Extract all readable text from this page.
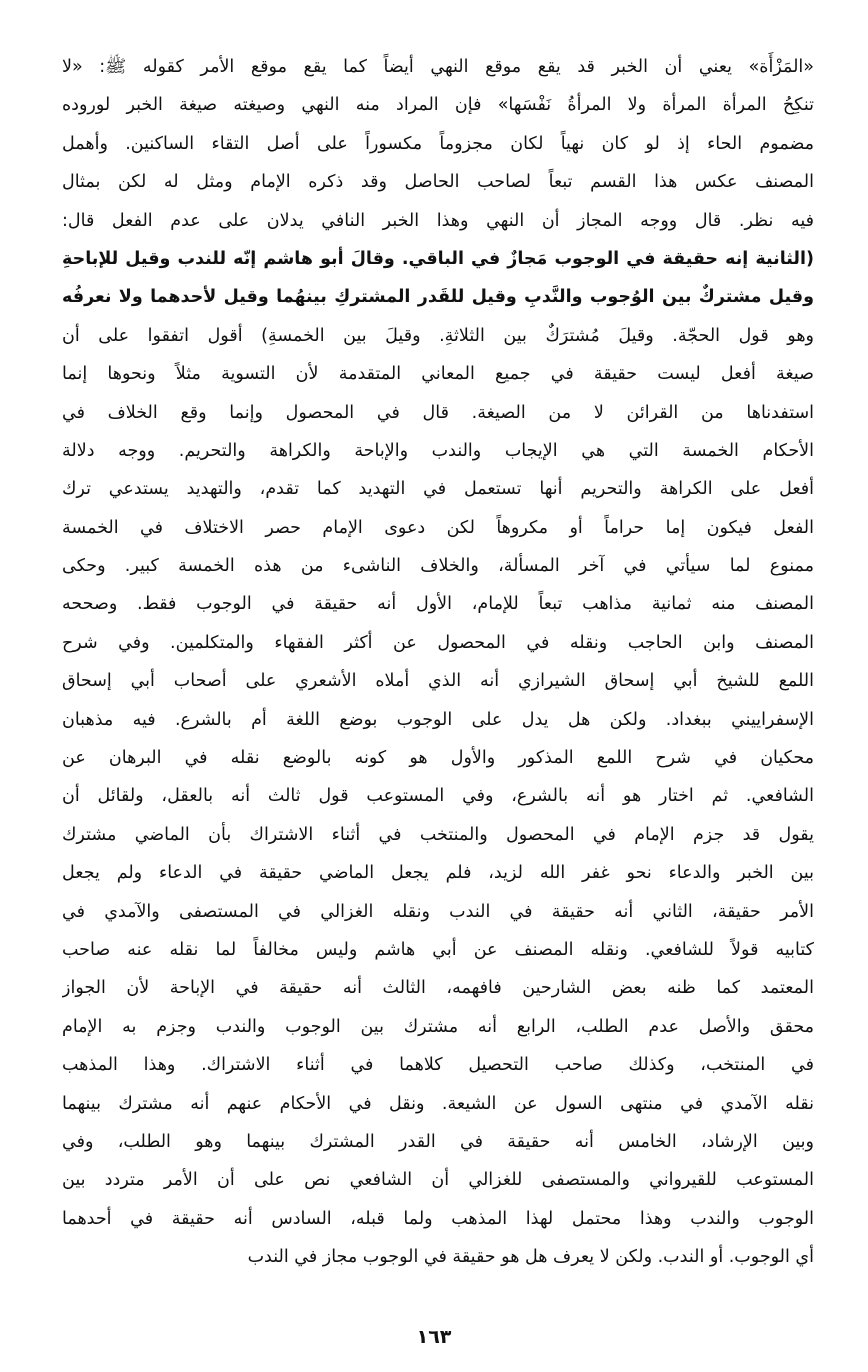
«المَزْأَة» يعني أن الخبر قد يقع موقع النهي أيضاً كما يقع موقع الأمر كقوله ﷺ: «لا
تنكِحُ المرأة المرأة ولا المرأةُ نَفْسَها» فإن المراد منه النهي وصيغته صيغة الخبر لوروده
مضموم الحاء إذ لو كان نهياً لكان مجزوماً مكسوراً على أصل التقاء الساكنين. وأهمل
المصنف عكس هذا القسم تبعاً لصاحب الحاصل وقد ذكره الإمام ومثل له لكن بمثال
فيه نظر. قال ووجه المجاز أن النهي وهذا الخبر النافي يدلان على عدم الفعل قال:
(الثانية إنه حقيقة في الوجوب مَجازٌ في الباقي. وقالَ أبو هاشم إنّه للندب وقيل للإباحةِ
وقيل مشتركٌ بين الوُجوب والنَّدبِ وقيل للقَدر المشتركِ بينهُما وقيل لأحدهما ولا نعرفُه
وهو قول الحجّة. وقيلَ مُشترَكٌ بين الثلاثةِ. وقيلَ بين الخمسةِ) أقول اتفقوا على أن
صيغة أفعل ليست حقيقة في جميع المعاني المتقدمة لأن التسوية مثلاً ونحوها إنما
استفدناها من القرائن لا من الصيغة. قال في المحصول وإنما وقع الخلاف في
الأحكام الخمسة التي هي الإيجاب والندب والإباحة والكراهة والتحريم. ووجه دلالة
أفعل على الكراهة والتحريم أنها تستعمل في التهديد كما تقدم، والتهديد يستدعي ترك
الفعل فيكون إما حراماً أو مكروهاً لكن دعوى الإمام حصر الاختلاف في الخمسة
ممنوع لما سيأتي في آخر المسألة، والخلاف الناشىء من هذه الخمسة كبير. وحكى
المصنف منه ثمانية مذاهب تبعاً للإمام، الأول أنه حقيقة في الوجوب فقط. وصححه
المصنف وابن الحاجب ونقله في المحصول عن أكثر الفقهاء والمتكلمين. وفي شرح
اللمع للشيخ أبي إسحاق الشيرازي أنه الذي أملاه الأشعري على أصحاب أبي إسحاق
الإسفراييني ببغداد. ولكن هل يدل على الوجوب بوضع اللغة أم بالشرع. فيه مذهبان
محكيان في شرح اللمع المذكور والأول هو كونه بالوضع نقله في البرهان عن
الشافعي. ثم اختار هو أنه بالشرع، وفي المستوعب قول ثالث أنه بالعقل، ولقائل أن
يقول قد جزم الإمام في المحصول والمنتخب في أثناء الاشتراك بأن الماضي مشترك
بين الخبر والدعاء نحو غفر الله لزيد، فلم يجعل الماضي حقيقة في الدعاء ولم يجعل
الأمر حقيقة، الثاني أنه حقيقة في الندب ونقله الغزالي في المستصفى والآمدي في
كتابيه قولاً للشافعي. ونقله المصنف عن أبي هاشم وليس مخالفاً لما نقله عنه صاحب
المعتمد كما ظنه بعض الشارحين فافهمه، الثالث أنه حقيقة في الإباحة لأن الجواز
محقق والأصل عدم الطلب، الرابع أنه مشترك بين الوجوب والندب وجزم به الإمام
في المنتخب، وكذلك صاحب التحصيل كلاهما في أثناء الاشتراك. وهذا المذهب
نقله الآمدي في منتهى السول عن الشيعة. ونقل في الأحكام عنهم أنه مشترك بينهما
وبين الإرشاد، الخامس أنه حقيقة في القدر المشترك بينهما وهو الطلب، وفي
المستوعب للقيرواني والمستصفى للغزالي أن الشافعي نص على أن الأمر متردد بين
الوجوب والندب وهذا محتمل لهذا المذهب ولما قبله، السادس أنه حقيقة في أحدهما
أي الوجوب. أو الندب. ولكن لا يعرف هل هو حقيقة في الوجوب مجاز في الندب
١٦٣
